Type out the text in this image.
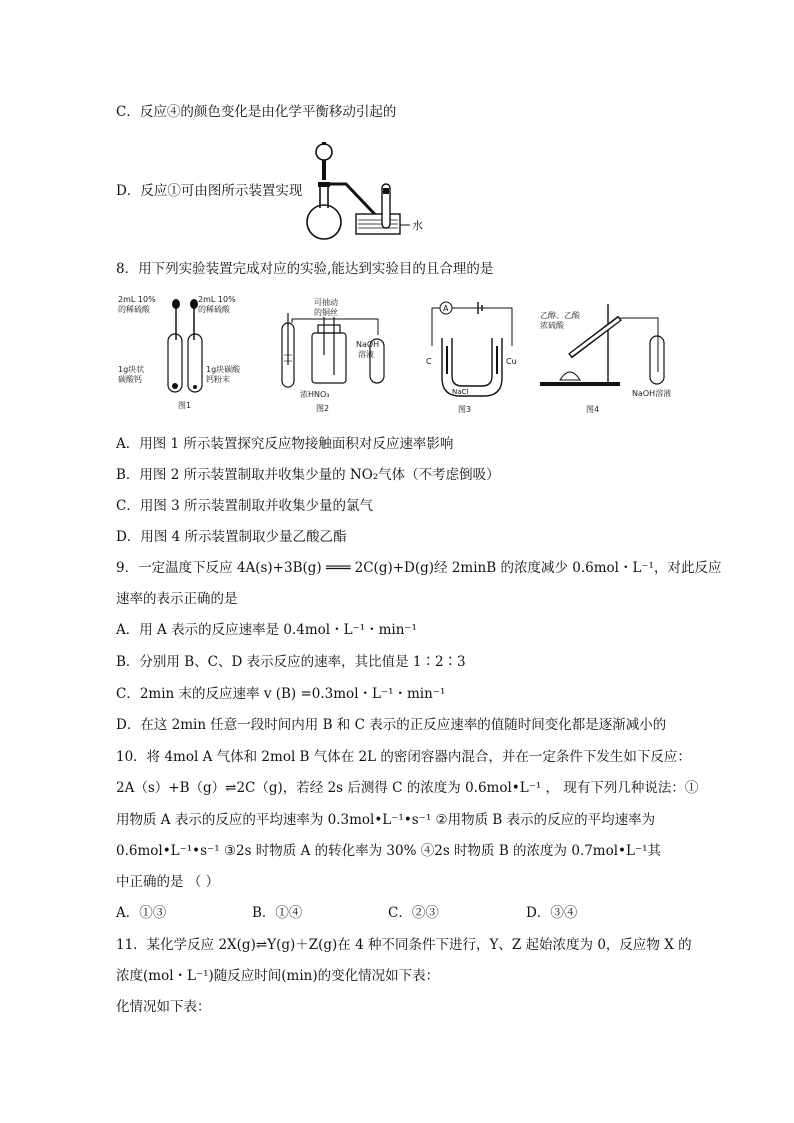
C．反应④的颜色变化是由化学平衡移动引起的
D．反应①可由图所示装置实现
水
8．用下列实验装置完成对应的实验,能达到实验目的且合理的是
2mL 10%
的稀硫酸
2mL 10%
的稀硫酸
1g块状
碳酸钙
1g块碳酸
钙粉末
图1
可抽动
的铜丝
NaOH
溶液
浓HNO₃
图2
A
C	Cu
NaCl
图3
乙醇、乙酸
浓硫酸
NaOH溶液
图4
A．用图 1 所示装置探究反应物接触面积对反应速率影响
B．用图 2 所示装置制取并收集少量的 NO₂气体（不考虑倒吸）
C．用图 3 所示装置制取并收集少量的氯气
D．用图 4 所示装置制取少量乙酸乙酯
9．一定温度下反应 4A(s)+3B(g) ═══ 2C(g)+D(g)经 2minB 的浓度减少 0.6mol・L⁻¹，对此反应
速率的表示正确的是
A．用 A 表示的反应速率是 0.4mol・L⁻¹・min⁻¹
B．分别用 B、C、D 表示反应的速率，其比值是 1∶2∶3
C．2min 末的反应速率 v (B) =0.3mol・L⁻¹・min⁻¹
D．在这 2min 任意一段时间内用 B 和 C 表示的正反应速率的值随时间变化都是逐渐减小的
10．将 4mol A 气体和 2mol B 气体在 2L 的密闭容器内混合，并在一定条件下发生如下反应：
2A（s）+B（g）⇌2C（g)，若经 2s 后测得 C 的浓度为 0.6mol•L⁻¹ ， 现有下列几种说法：①
用物质 A 表示的反应的平均速率为 0.3mol•L⁻¹•s⁻¹ ②用物质 B 表示的反应的平均速率为
0.6mol•L⁻¹•s⁻¹ ③2s 时物质 A 的转化率为 30% ④2s 时物质 B 的浓度为 0.7mol•L⁻¹其
中正确的是 （ ）
A．①③	B．①④	C．②③	D．③④
11．某化学反应 2X(g)⇌Y(g)＋Z(g)在 4 种不同条件下进行，Y、Z 起始浓度为 0，反应物 X 的
浓度(mol・L⁻¹)随反应时间(min)的变化情况如下表：
化情况如下表：
